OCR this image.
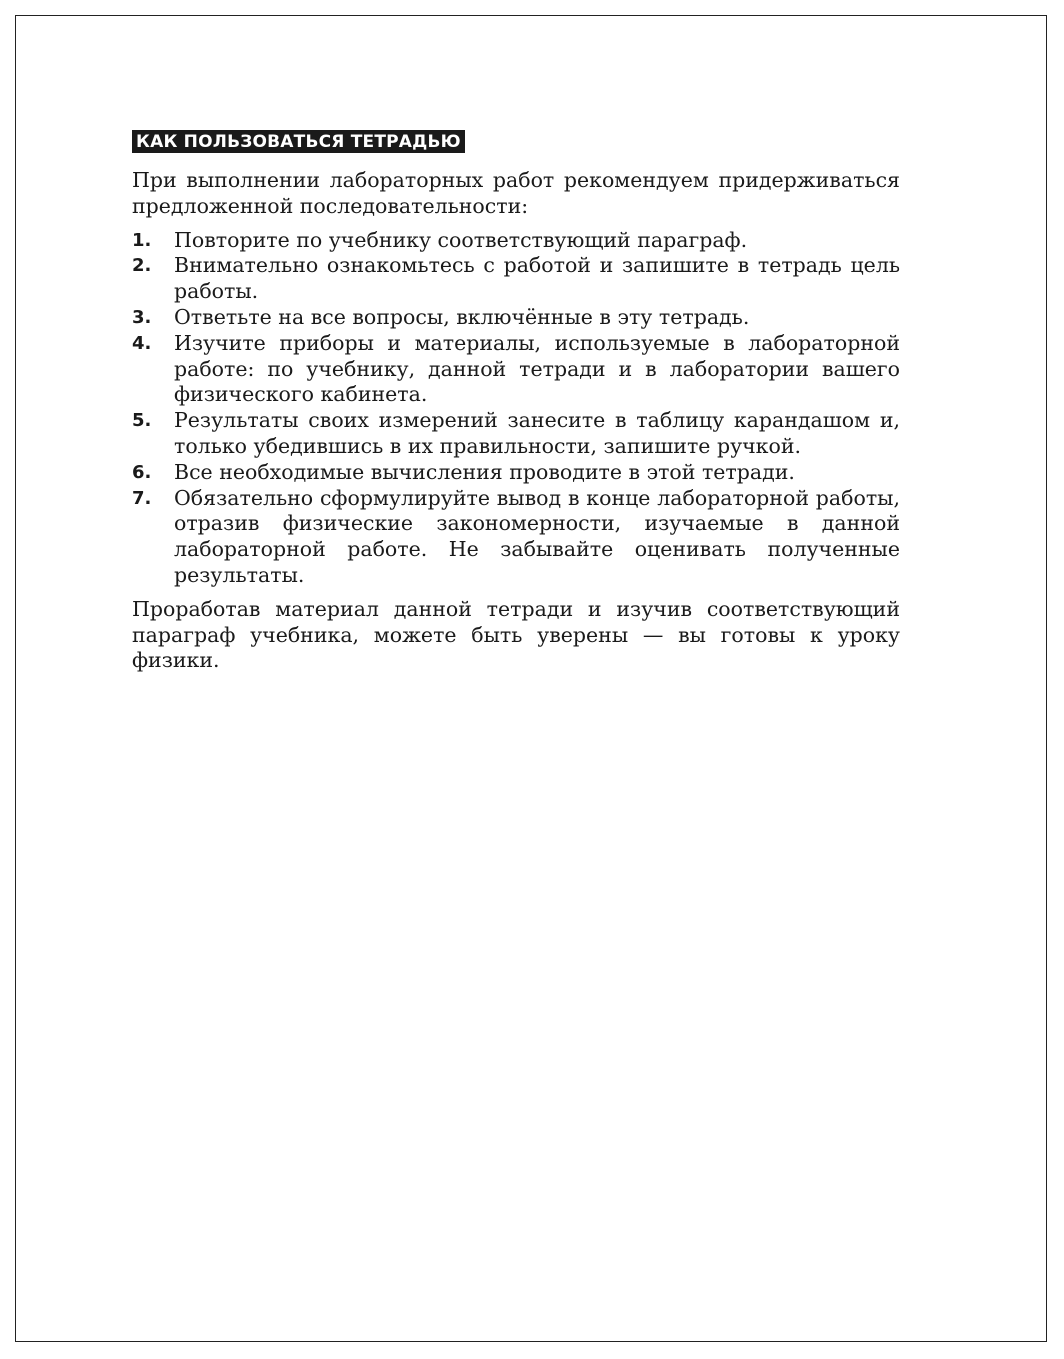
КАК ПОЛЬЗОВАТЬСЯ ТЕТРАДЬЮ

При выполнении лабораторных работ рекомендуем придерживаться предложенной последовательности:

1.	Повторите по учебнику соответствующий параграф.
2.	Внимательно ознакомьтесь с работой и запишите в тетрадь цель работы.
3.	Ответьте на все вопросы, включённые в эту тетрадь.
4.	Изучите приборы и материалы, используемые в лабораторной работе: по учебнику, данной тетради и в лаборатории вашего физического кабинета.
5.	Результаты своих измерений занесите в таблицу карандашом и, только убедившись в их правильности, запишите ручкой.
6.	Все необходимые вычисления проводите в этой тетради.
7.	Обязательно сформулируйте вывод в конце лабораторной работы, отразив физические закономерности, изучаемые в данной лабораторной работе. Не забывайте оценивать полученные результаты.

Проработав материал данной тетради и изучив соответствующий параграф учебника, можете быть уверены — вы готовы к уроку физики.
